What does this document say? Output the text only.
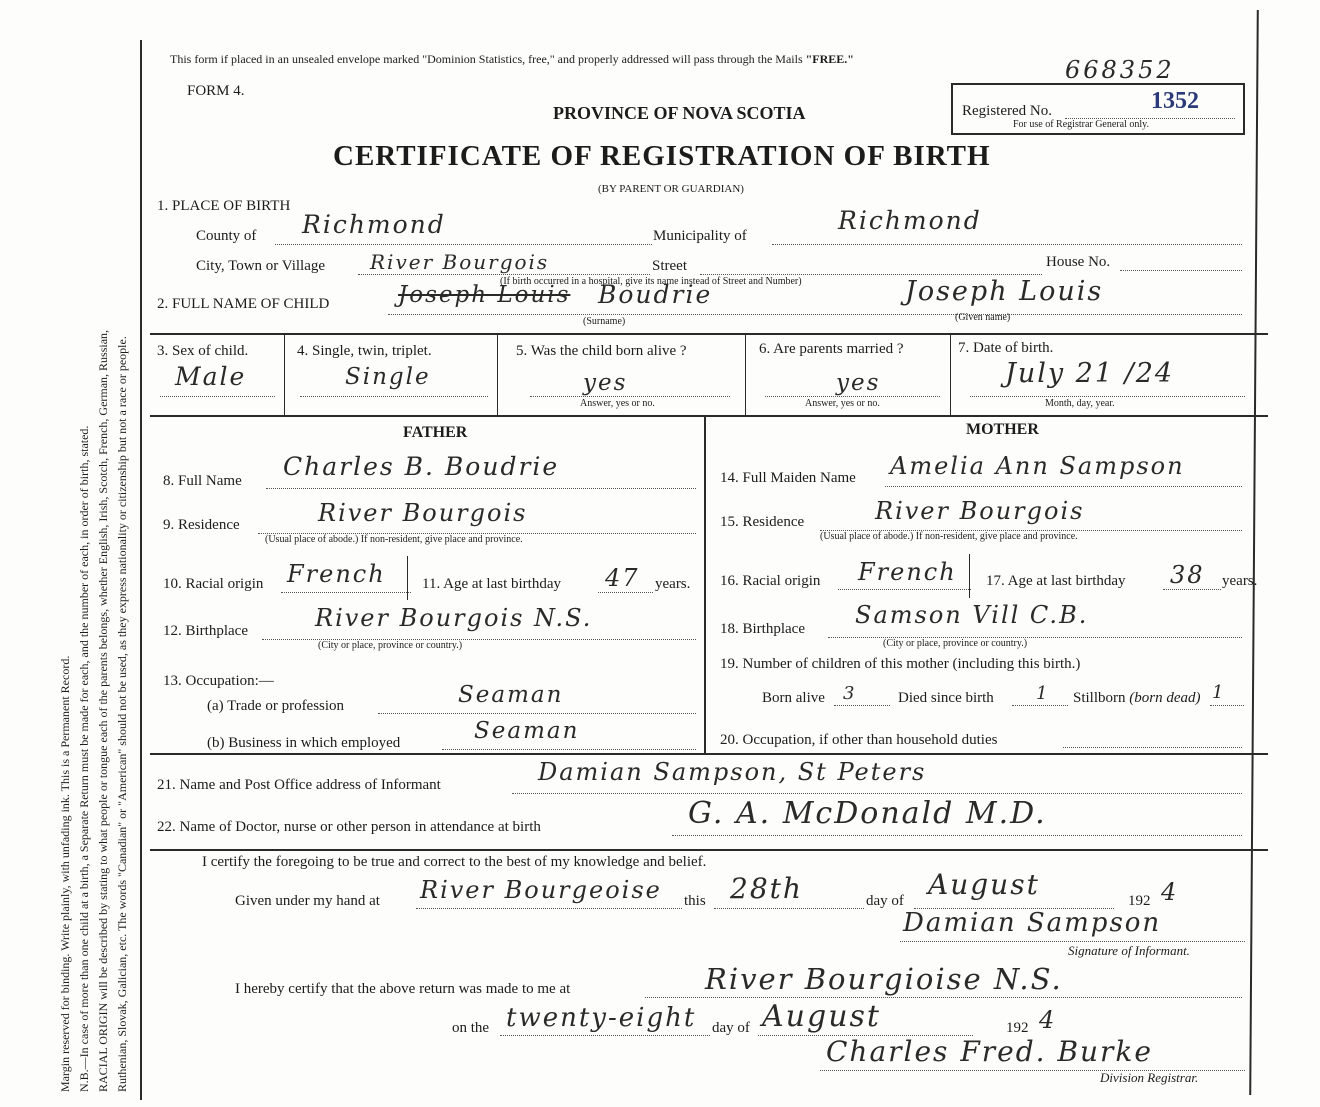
Margin reserved for binding. Write plainly, with unfading ink. This is a Permanent Record. N.B.—In case of more than one child at a birth, a Separate Return must be made for each, and the number of each, in order of birth, stated. RACIAL ORIGIN will be described by stating to what people or tongue each of the parents belongs, whether English, Irish, Scotch, French, German, Russian, Ruthenian, Slovak, Galician, etc. The words "Canadian" or "American" should not be used, as they express nationality or citizenship but not a race or people.
This form if placed in an unsealed envelope marked "Dominion Statistics, free," and properly addressed will pass through the Mails "FREE."	668352
FORM 4.
PROVINCE OF NOVA SCOTIA
CERTIFICATE OF REGISTRATION OF BIRTH
(BY PARENT OR GUARDIAN)
Registered No.	1352
For use of Registrar General only.
1. PLACE OF BIRTH
County of Richmond	Municipality of
Richmond
City, Town or Village River Bourgois	Street	House No.
(If birth occurred in a hospital, give its name instead of Street and Number)
2. FULL NAME OF CHILD	Joseph Louis Boudrie	Joseph Louis
(Surname)	(Given name)
3. Sex of child.
Male
4. Single, twin, triplet.
Single
5. Was the child born alive ?
yes
Answer, yes or no.
6. Are parents married ?
yes
Answer, yes or no.
7. Date of birth.
July 21 /24
Month, day, year.
FATHER	MOTHER
8. Full Name Charles B. Boudrie
9. Residence	River Bourgois
(Usual place of abode.) If non-resident, give place and province.
10. Racial origin French 11. Age at last birthday 47 years.
12. Birthplace	River Bourgois N.S.
(City or place, province or country.)
13. Occupation:—
(a) Trade or profession	Seaman
(b) Business in which employed	Seaman
14. Full Maiden Name Amelia Ann Sampson
15. Residence	River Bourgois
(Usual place of abode.) If non-resident, give place and province.
16. Racial origin French 17. Age at last birthday 38 years.
18. Birthplace Samson Vill C.B.
(City or place, province or country.)
19. Number of children of this mother (including this birth.)
Born alive 3	Died since birth 1 Stillborn (born dead) 1
20. Occupation, if other than household duties
21. Name and Post Office address of Informant	Damian Sampson, St Peters
22. Name of Doctor, nurse or other person in attendance at birth	G. A. McDonald M.D.
I certify the foregoing to be true and correct to the best of my knowledge and belief.
Given under my hand at River Bourgeoise this 28th	day of August	192 4
Damian Sampson
Signature of Informant.
I hereby certify that the above return was made to me at	River Bourgioise N.S.
on the twenty-eight day of August	192 4
Charles Fred. Burke
Division Registrar.
